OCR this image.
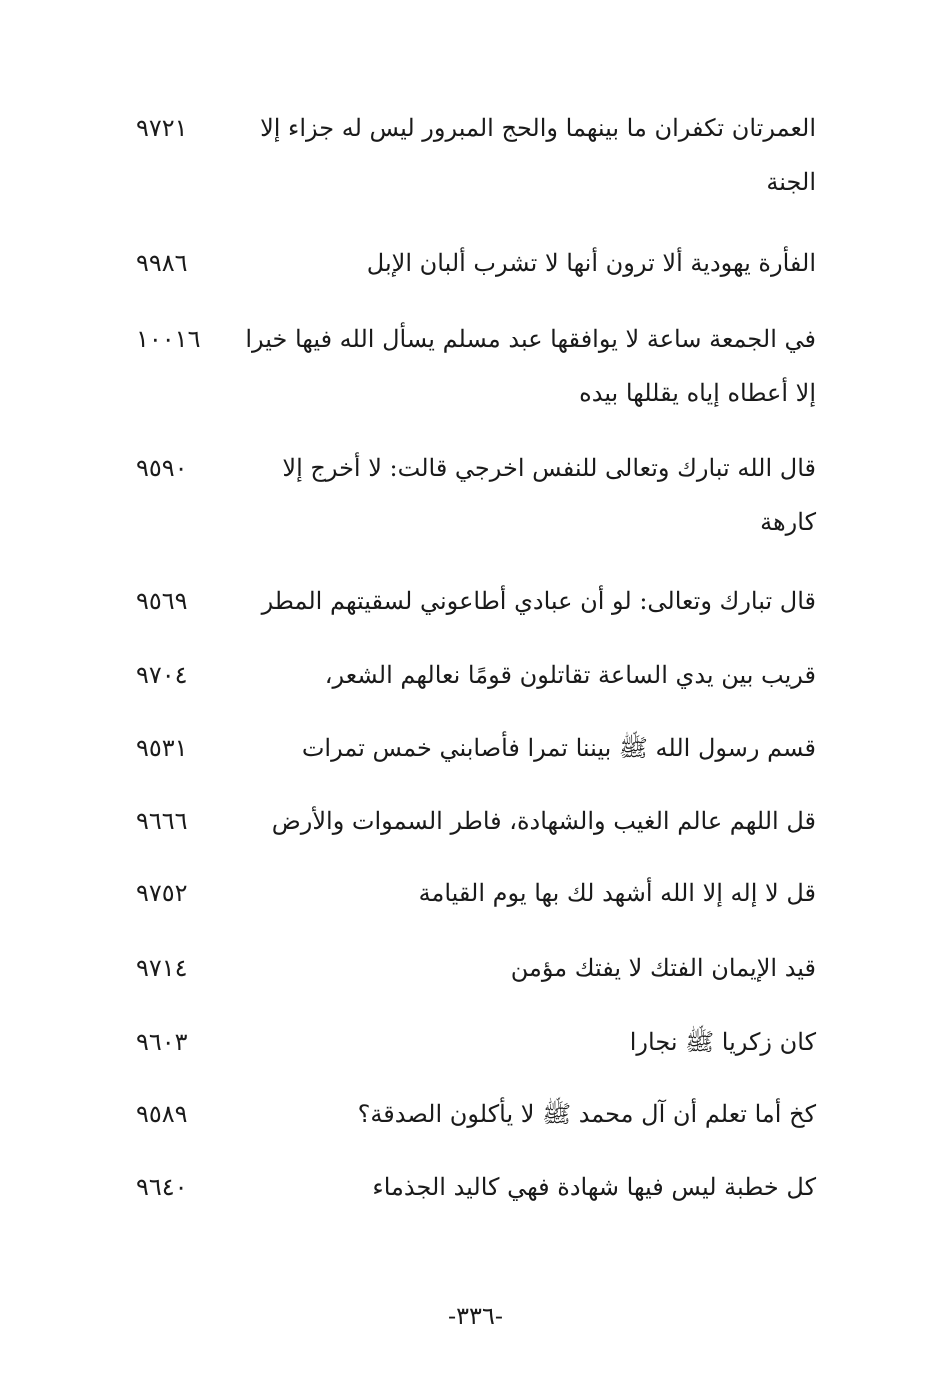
العمرتان تكفران ما بينهما والحج المبرور ليس له جزاء إلا
الجنة
٩٧٢١
الفأرة يهودية ألا ترون أنها لا تشرب ألبان الإبل
٩٩٨٦
في الجمعة ساعة لا يوافقها عبد مسلم يسأل الله فيها خيرا
إلا أعطاه إياه يقللها بيده
١٠٠١٦
قال الله تبارك وتعالى للنفس اخرجي قالت: لا أخرج إلا
كارهة
٩٥٩٠
قال تبارك وتعالى: لو أن عبادي أطاعوني لسقيتهم المطر
٩٥٦٩
قريب بين يدي الساعة تقاتلون قومًا نعالهم الشعر،
٩٧٠٤
قسم رسول الله ﷺ بيننا تمرا فأصابني خمس تمرات
٩٥٣١
قل اللهم عالم الغيب والشهادة، فاطر السموات والأرض
٩٦٦٦
قل لا إله إلا الله أشهد لك بها يوم القيامة
٩٧٥٢
قيد الإيمان الفتك لا يفتك مؤمن
٩٧١٤
كان زكريا ﷺ نجارا
٩٦٠٣
كخ أما تعلم أن آل محمد ﷺ لا يأكلون الصدقة؟
٩٥٨٩
كل خطبة ليس فيها شهادة فهي كاليد الجذماء
٩٦٤٠
-٣٣٦-
